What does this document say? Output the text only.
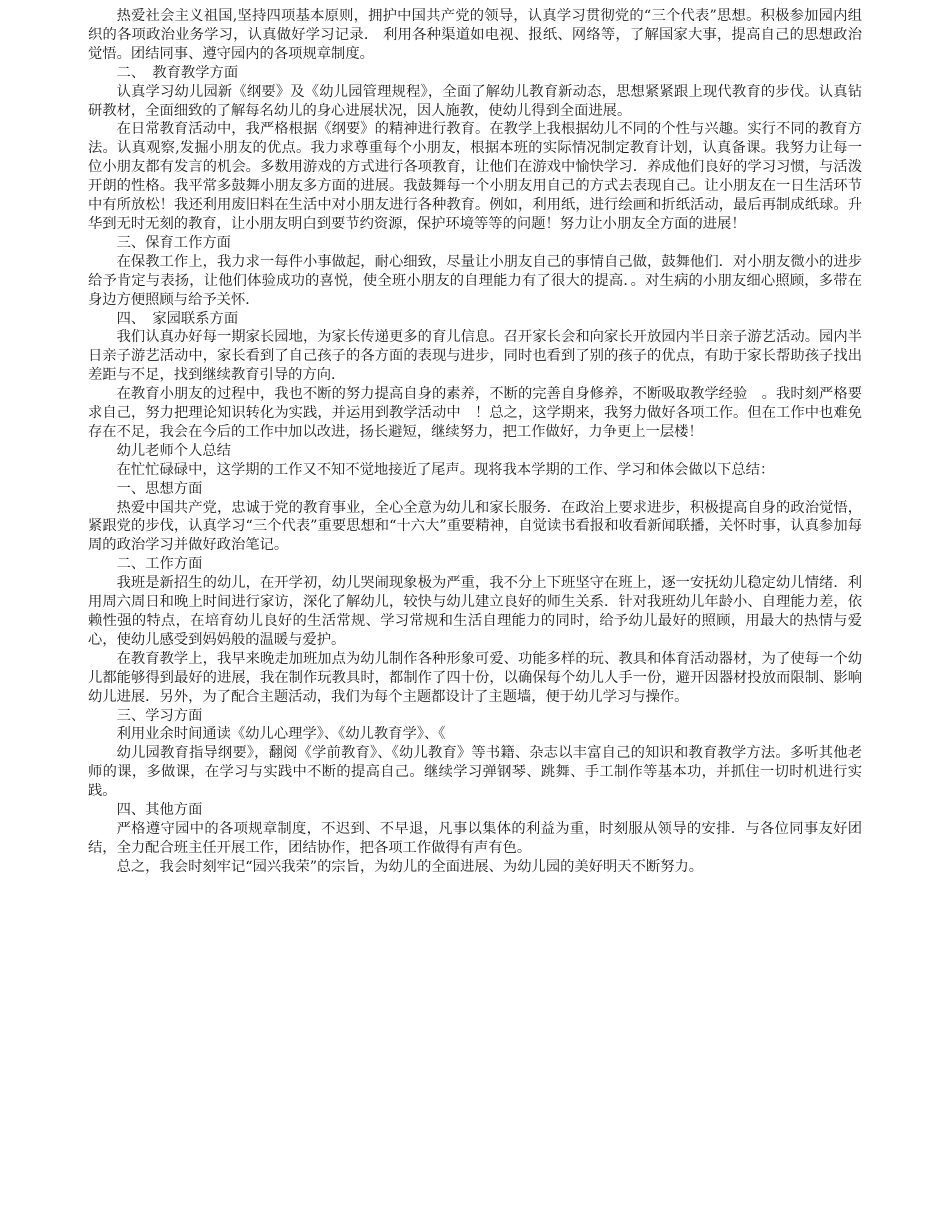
热爱社会主义祖国,坚持四项基本原则，拥护中国共产党的领导，认真学习贯彻党的“三个代表”思想。积极参加园内组织的各项政治业务学习，认真做好学习记录． 利用各种渠道如电视、报纸、网络等，了解国家大事，提高自己的思想政治觉悟。团结同事、遵守园内的各项规章制度。

二、　教育教学方面

认真学习幼儿园新《纲要》及《幼儿园管理规程》，全面了解幼儿教育新动态，思想紧紧跟上现代教育的步伐。认真钻研教材，全面细致的了解每名幼儿的身心进展状况，因人施教，使幼儿得到全面进展。

在日常教育活动中，我严格根据《纲要》的精神进行教育。在教学上我根据幼儿不同的个性与兴趣。实行不同的教育方法。认真观察,发掘小朋友的优点。我力求尊重每个小朋友，根据本班的实际情况制定教育计划，认真备课。我努力让每一位小朋友都有发言的机会。多数用游戏的方式进行各项教育，让他们在游戏中愉快学习．养成他们良好的学习习惯，与活泼开朗的性格。我平常多鼓舞小朋友多方面的进展。我鼓舞每一个小朋友用自己的方式去表现自己。让小朋友在一日生活环节中有所放松！我还利用废旧料在生活中对小朋友进行各种教育。例如，利用纸，进行绘画和折纸活动，最后再制成纸球。升华到无时无刻的教育，让小朋友明白到要节约资源，保护环境等等的问题！努力让小朋友全方面的进展！

三、保育工作方面

在保教工作上，我力求一每件小事做起，耐心细致，尽量让小朋友自己的事情自己做，鼓舞他们．对小朋友微小的进步给予肯定与表扬，让他们体验成功的喜悦，使全班小朋友的自理能力有了很大的提高．。对生病的小朋友细心照顾，多带在身边方便照顾与给予关怀．

四、　家园联系方面

我们认真办好每一期家长园地，为家长传递更多的育儿信息。召开家长会和向家长开放园内半日亲子游艺活动。园内半日亲子游艺活动中，家长看到了自己孩子的各方面的表现与进步，同时也看到了别的孩子的优点，有助于家长帮助孩子找出差距与不足，找到继续教育引导的方向．

在教育小朋友的过程中，我也不断的努力提高自身的素养，不断的完善自身修养，不断吸取教学经验　。我时刻严格要求自己，努力把理论知识转化为实践，并运用到教学活动中　！总之，这学期来，我努力做好各项工作。但在工作中也难免存在不足，我会在今后的工作中加以改进，扬长避短，继续努力，把工作做好，力争更上一层楼！

幼儿老师个人总结

在忙忙碌碌中，这学期的工作又不知不觉地接近了尾声。现将我本学期的工作、学习和体会做以下总结：

一、思想方面

热爱中国共产党，忠诚于党的教育事业，全心全意为幼儿和家长服务．在政治上要求进步，积极提高自身的政治觉悟，紧跟党的步伐，认真学习“三个代表”重要思想和“十六大”重要精神，自觉读书看报和收看新闻联播，关怀时事，认真参加每周的政治学习并做好政治笔记。

二、工作方面

我班是新招生的幼儿，在开学初，幼儿哭闹现象极为严重，我不分上下班坚守在班上，逐一安抚幼儿稳定幼儿情绪．利用周六周日和晚上时间进行家访，深化了解幼儿，较快与幼儿建立良好的师生关系．针对我班幼儿年龄小、自理能力差，依赖性强的特点，在培育幼儿良好的生活常规、学习常规和生活自理能力的同时，给予幼儿最好的照顾，用最大的热情与爱心，使幼儿感受到妈妈般的温暖与爱护。

在教育教学上，我早来晚走加班加点为幼儿制作各种形象可爱、功能多样的玩、教具和体育活动器材，为了使每一个幼儿都能够得到最好的进展，我在制作玩教具时，都制作了四十份，以确保每个幼儿人手一份，避开因器材投放而限制、影响幼儿进展．另外，为了配合主题活动，我们为每个主题都设计了主题墙，便于幼儿学习与操作。

三、学习方面

利用业余时间通读《幼儿心理学》、《幼儿教育学》、《

幼儿园教育指导纲要》，翻阅《学前教育》、《幼儿教育》等书籍、杂志以丰富自己的知识和教育教学方法。多听其他老师的课，多做课，在学习与实践中不断的提高自己。继续学习弹钢琴、跳舞、手工制作等基本功，并抓住一切时机进行实践。

四、其他方面

严格遵守园中的各项规章制度，不迟到、不早退，凡事以集体的利益为重，时刻服从领导的安排．与各位同事友好团结，全力配合班主任开展工作，团结协作，把各项工作做得有声有色。

总之，我会时刻牢记“园兴我荣”的宗旨，为幼儿的全面进展、为幼儿园的美好明天不断努力。
